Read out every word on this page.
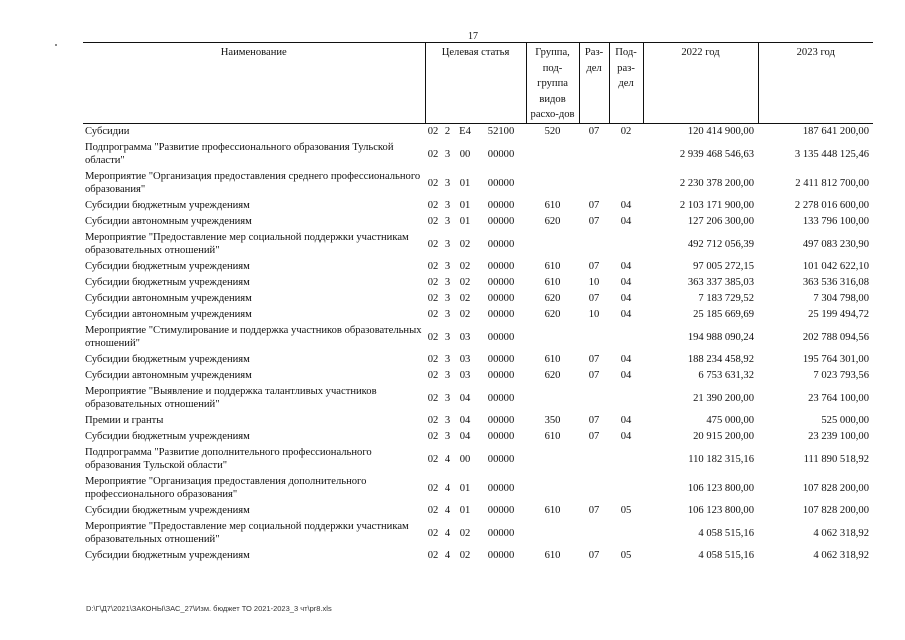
17
Наименование	Целевая статья				Группа, под-группа видов расхо-дов	Раз-дел	Под-раз-дел	2022 год	2023 год
Субсидии	02	2	E4	52100	520	07	02	120 414 900,00	187 641 200,00
Подпрограмма "Развитие профессионального образования Тульской области"	02	3	00	00000				2 939 468 546,63	3 135 448 125,46
Мероприятие "Организация предоставления среднего профессионального образования"	02	3	01	00000				2 230 378 200,00	2 411 812 700,00
Субсидии бюджетным учреждениям	02	3	01	00000	610	07	04	2 103 171 900,00	2 278 016 600,00
Субсидии автономным учреждениям	02	3	01	00000	620	07	04	127 206 300,00	133 796 100,00
Мероприятие "Предоставление мер социальной поддержки участникам образовательных отношений"	02	3	02	00000				492 712 056,39	497 083 230,90
Субсидии бюджетным учреждениям	02	3	02	00000	610	07	04	97 005 272,15	101 042 622,10
Субсидии бюджетным учреждениям	02	3	02	00000	610	10	04	363 337 385,03	363 536 316,08
Субсидии автономным учреждениям	02	3	02	00000	620	07	04	7 183 729,52	7 304 798,00
Субсидии автономным учреждениям	02	3	02	00000	620	10	04	25 185 669,69	25 199 494,72
Мероприятие "Стимулирование и поддержка участников образовательных отношений"	02	3	03	00000				194 988 090,24	202 788 094,56
Субсидии бюджетным учреждениям	02	3	03	00000	610	07	04	188 234 458,92	195 764 301,00
Субсидии автономным учреждениям	02	3	03	00000	620	07	04	6 753 631,32	7 023 793,56
Мероприятие "Выявление и поддержка талантливых участников образовательных отношений"	02	3	04	00000				21 390 200,00	23 764 100,00
Премии и гранты	02	3	04	00000	350	07	04	475 000,00	525 000,00
Субсидии бюджетным учреждениям	02	3	04	00000	610	07	04	20 915 200,00	23 239 100,00
Подпрограмма "Развитие дополнительного профессионального образования Тульской области"	02	4	00	00000				110 182 315,16	111 890 518,92
Мероприятие "Организация предоставления дополнительного профессионального образования"	02	4	01	00000				106 123 800,00	107 828 200,00
Субсидии бюджетным учреждениям	02	4	01	00000	610	07	05	106 123 800,00	107 828 200,00
Мероприятие "Предоставление мер социальной поддержки участникам образовательных отношений"	02	4	02	00000				4 058 515,16	4 062 318,92
Субсидии бюджетным учреждениям	02	4	02	00000	610	07	05	4 058 515,16	4 062 318,92
D:\Г\Д7\2021\ЗАКОНЫ\ЗАС_27\Изм. бюджет ТО 2021-2023_3 чт\pr8.xls
